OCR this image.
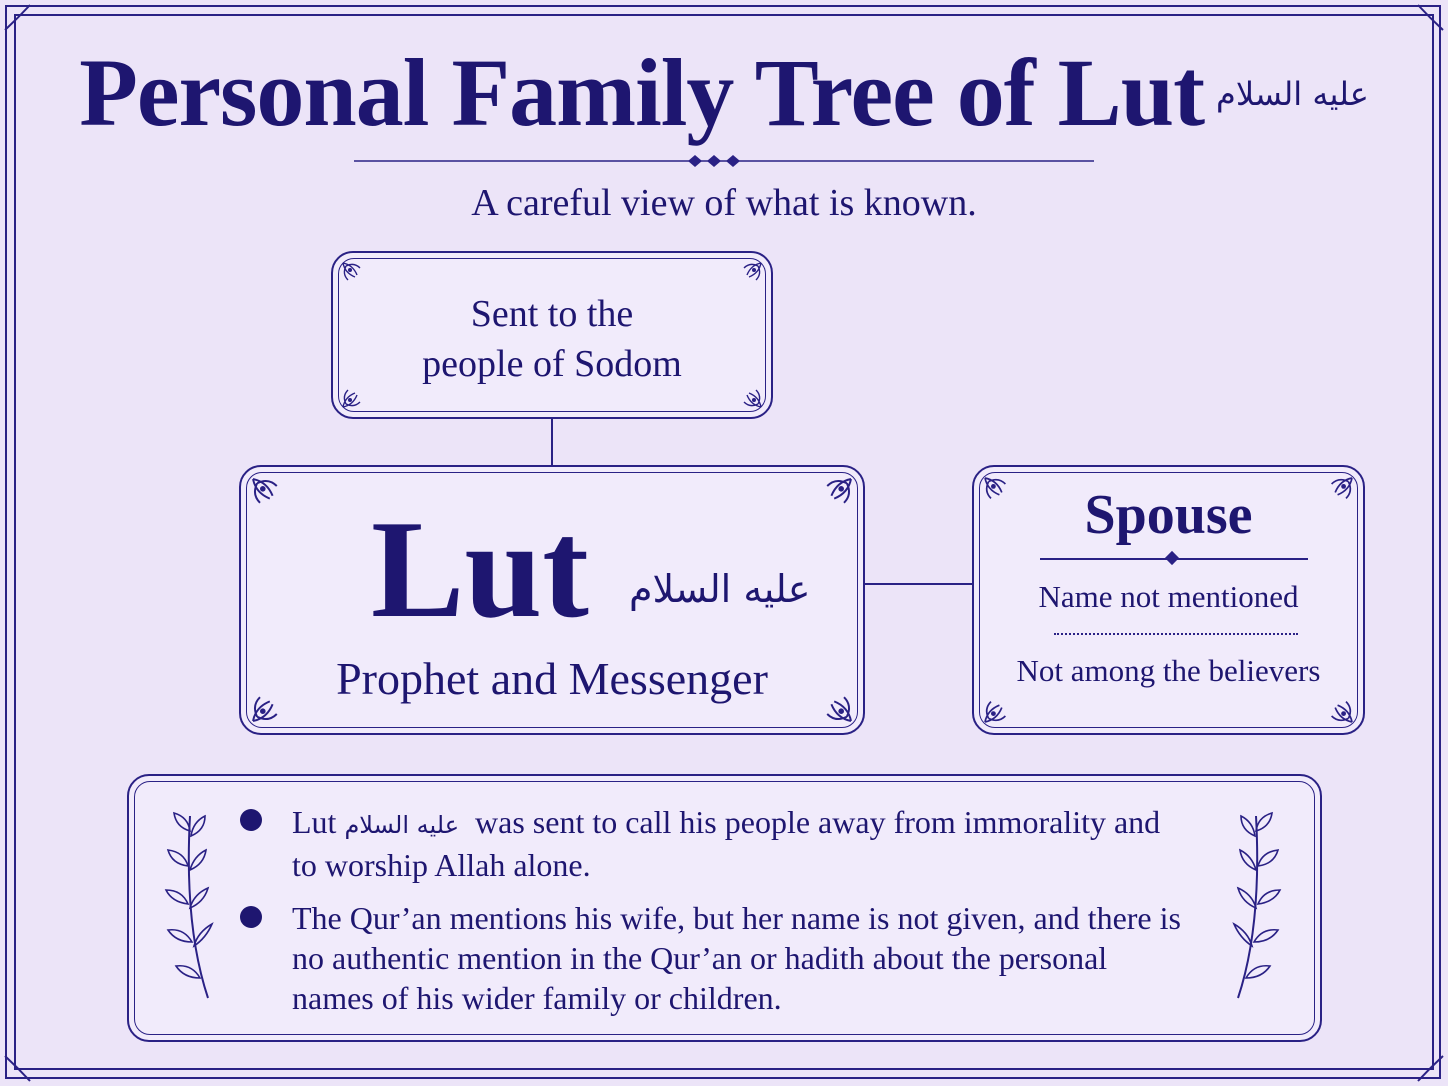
Personal Family Tree of Lut $^{عليه السلام}$
A careful view of what is known.
Sent to the
people of Sodom
Lut عليه السلام
Prophet and Messenger
Spouse
Name not mentioned
Not among the believers
Lut عليه السلام was sent to call his people away from immorality and to worship Allah alone.
The Qur’an mentions his wife, but her name is not given, and there is no authentic mention in the Qur’an or hadith about the personal names of his wider family or children.
